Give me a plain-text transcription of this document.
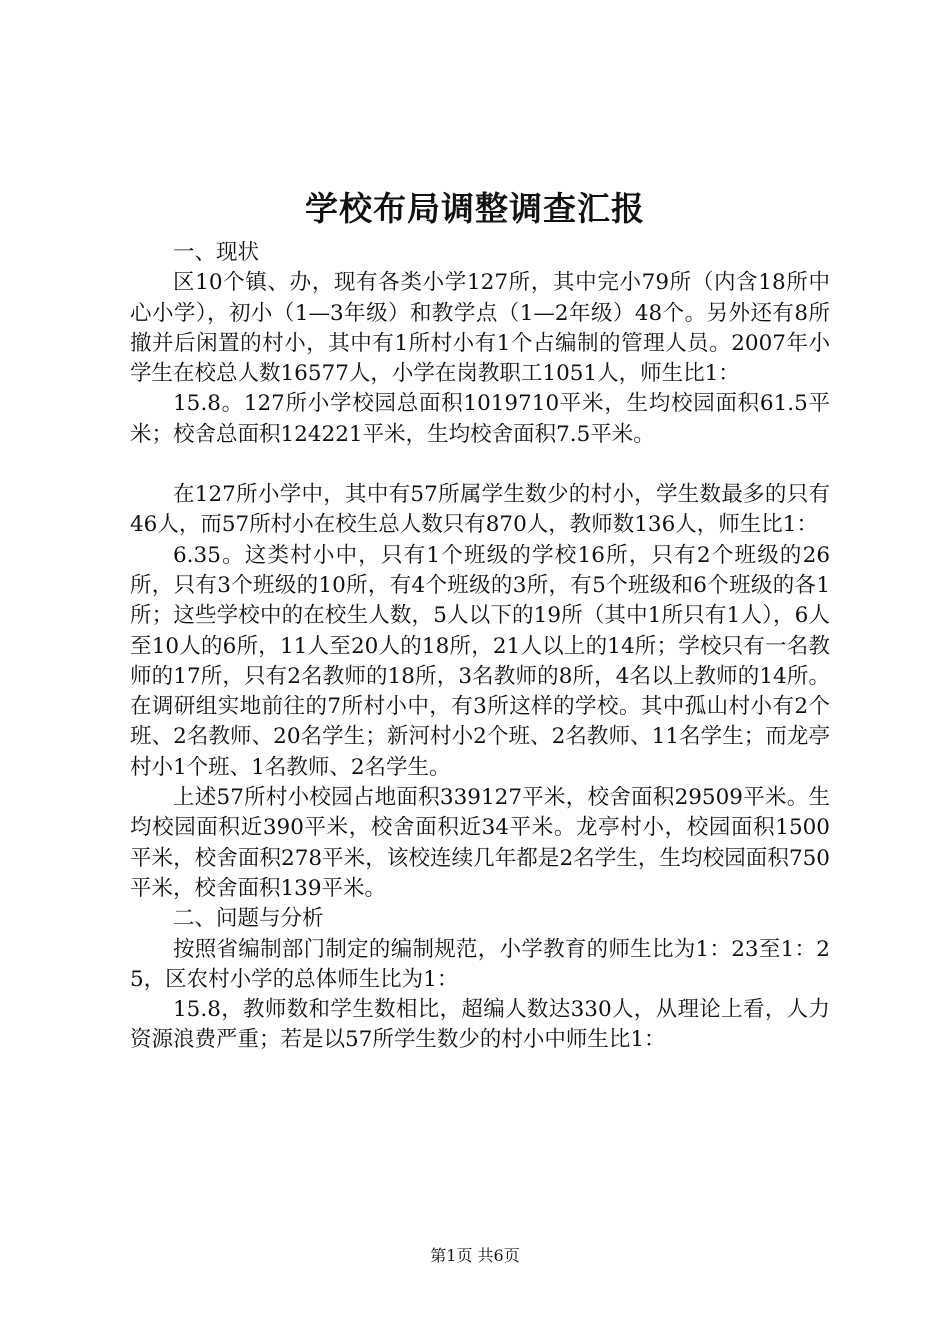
学校布局调整调查汇报

一、现状

区10个镇、办，现有各类小学127所，其中完小79所（内含18所中心小学），初小（1—3年级）和教学点（1—2年级）48个。另外还有8所撤并后闲置的村小，其中有1所村小有1个占编制的管理人员。2007年小学生在校总人数16577人，小学在岗教职工1051人，师生比1：

15.8。127所小学校园总面积1019710平米，生均校园面积61.5平米；校舍总面积124221平米，生均校舍面积7.5平米。

在127所小学中，其中有57所属学生数少的村小，学生数最多的只有46人，而57所村小在校生总人数只有870人，教师数136人，师生比1：

6.35。这类村小中，只有1个班级的学校16所，只有2个班级的26所，只有3个班级的10所，有4个班级的3所，有5个班级和6个班级的各1所；这些学校中的在校生人数，5人以下的19所（其中1所只有1人），6人至10人的6所，11人至20人的18所，21人以上的14所；学校只有一名教师的17所，只有2名教师的18所，3名教师的8所，4名以上教师的14所。在调研组实地前往的7所村小中，有3所这样的学校。其中孤山村小有2个班、2名教师、20名学生；新河村小2个班、2名教师、11名学生；而龙亭村小1个班、1名教师、2名学生。

上述57所村小校园占地面积339127平米，校舍面积29509平米。生均校园面积近390平米，校舍面积近34平米。龙亭村小，校园面积1500平米，校舍面积278平米，该校连续几年都是2名学生，生均校园面积750平米，校舍面积139平米。

二、问题与分析

按照省编制部门制定的编制规范，小学教育的师生比为1：23至1：25，区农村小学的总体师生比为1：

15.8，教师数和学生数相比，超编人数达330人，从理论上看，人力资源浪费严重；若是以57所学生数少的村小中师生比1：

第1页 共6页
